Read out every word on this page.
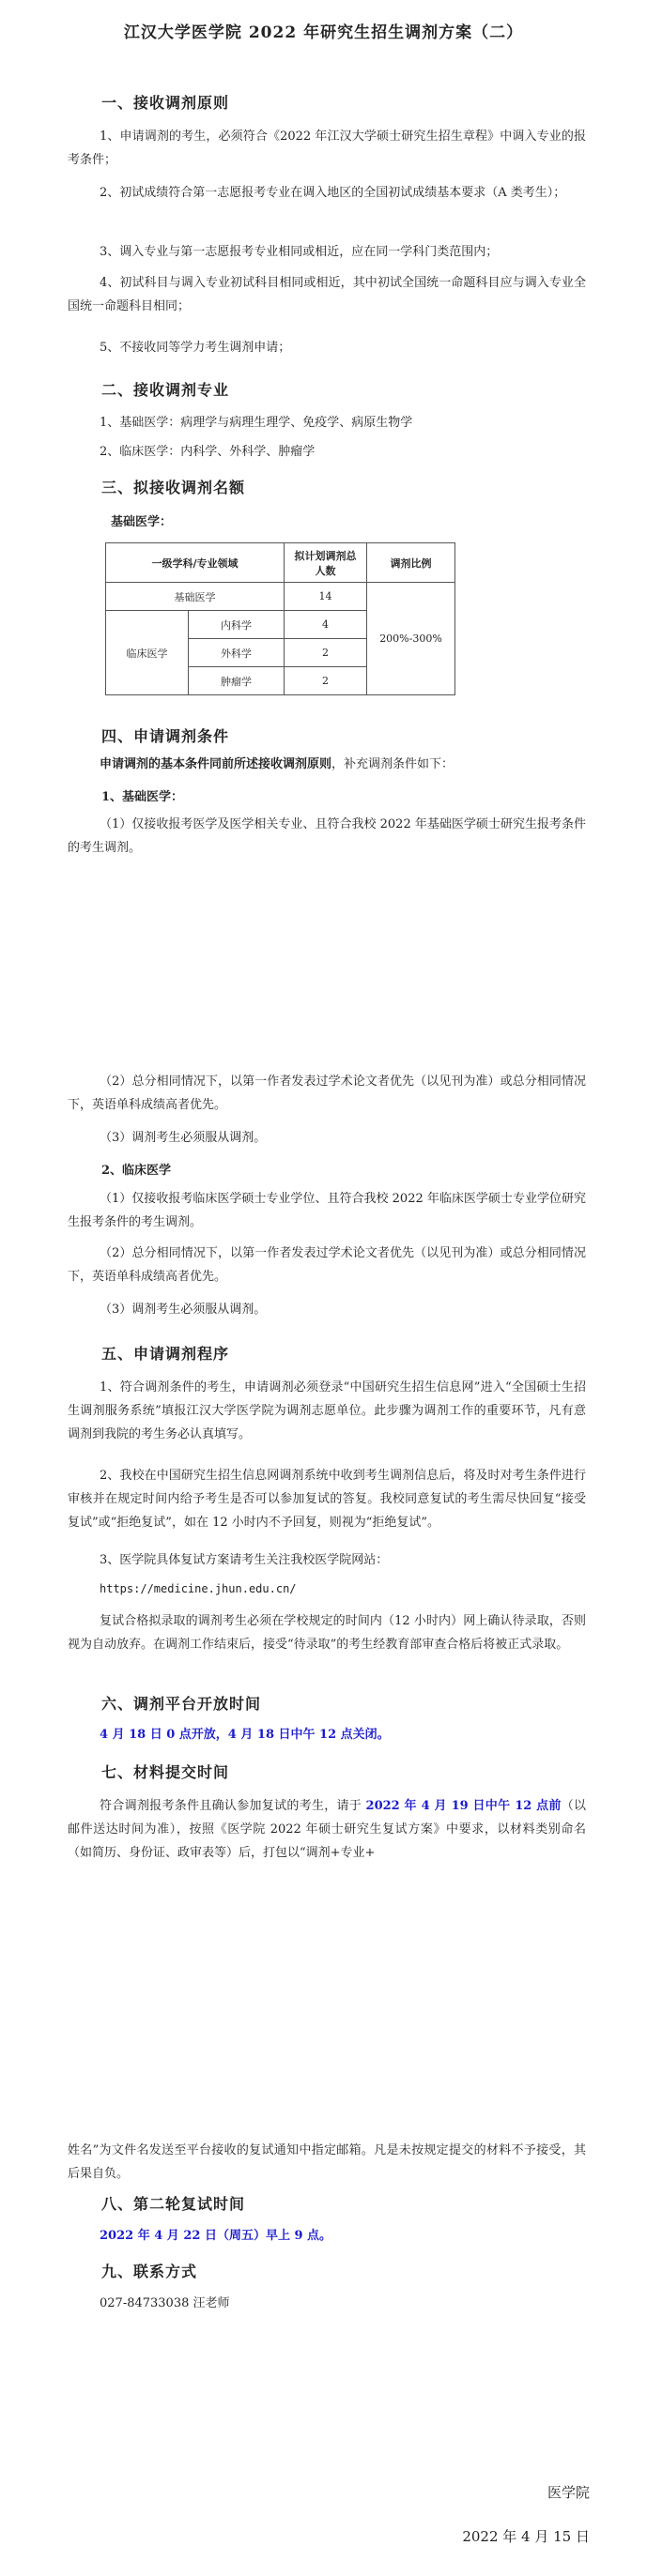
江汉大学医学院 2022 年研究生招生调剂方案（二）
一、接收调剂原则
1、申请调剂的考生，必须符合《2022 年江汉大学硕士研究生招生章程》中调入专业的报考条件；
2、初试成绩符合第一志愿报考专业在调入地区的全国初试成绩基本要求（A 类考生）；
3、调入专业与第一志愿报考专业相同或相近，应在同一学科门类范围内；
4、初试科目与调入专业初试科目相同或相近，其中初试全国统一命题科目应与调入专业全国统一命题科目相同；
5、不接收同等学力考生调剂申请；
二、接收调剂专业
1、基础医学：病理学与病理生理学、免疫学、病原生物学
2、临床医学：内科学、外科学、肿瘤学
三、拟接收调剂名额
基础医学：
一级学科/专业领域		拟计划调剂总人数	调剂比例
基础医学		14	200%-300%
临床医学	内科学	4	
	外科学	2	
	肿瘤学	2	
四、申请调剂条件
申请调剂的基本条件同前所述接收调剂原则，补充调剂条件如下：
1、基础医学：
（1）仅接收报考医学及医学相关专业、且符合我校 2022 年基础医学硕士研究生报考条件的考生调剂。
（2）总分相同情况下，以第一作者发表过学术论文者优先（以见刊为准）或总分相同情况下，英语单科成绩高者优先。
（3）调剂考生必须服从调剂。
2、临床医学
（1）仅接收报考临床医学硕士专业学位、且符合我校 2022 年临床医学硕士专业学位研究生报考条件的考生调剂。
（2）总分相同情况下，以第一作者发表过学术论文者优先（以见刊为准）或总分相同情况下，英语单科成绩高者优先。
（3）调剂考生必须服从调剂。
五、申请调剂程序
1、符合调剂条件的考生，申请调剂必须登录“中国研究生招生信息网”进入“全国硕士生招生调剂服务系统”填报江汉大学医学院为调剂志愿单位。此步骤为调剂工作的重要环节，凡有意调剂到我院的考生务必认真填写。
2、我校在中国研究生招生信息网调剂系统中收到考生调剂信息后，将及时对考生条件进行审核并在规定时间内给予考生是否可以参加复试的答复。我校同意复试的考生需尽快回复“接受复试”或“拒绝复试”，如在 12 小时内不予回复，则视为“拒绝复试”。
3、医学院具体复试方案请考生关注我校医学院网站：
https://medicine.jhun.edu.cn/
复试合格拟录取的调剂考生必须在学校规定的时间内（12 小时内）网上确认待录取，否则视为自动放弃。在调剂工作结束后，接受“待录取”的考生经教育部审查合格后将被正式录取。
六、调剂平台开放时间
4 月 18 日 0 点开放，4 月 18 日中午 12 点关闭。
七、材料提交时间
符合调剂报考条件且确认参加复试的考生，请于 2022 年 4 月 19 日中午 12 点前（以邮件送达时间为准），按照《医学院 2022 年硕士研究生复试方案》中要求，以材料类别命名（如简历、身份证、政审表等）后，打包以“调剂+专业+
姓名”为文件名发送至平台接收的复试通知中指定邮箱。凡是未按规定提交的材料不予接受，其后果自负。
八、第二轮复试时间
2022 年 4 月 22 日（周五）早上 9 点。
九、联系方式
027-84733038 汪老师
医学院
2022 年 4 月 15 日
